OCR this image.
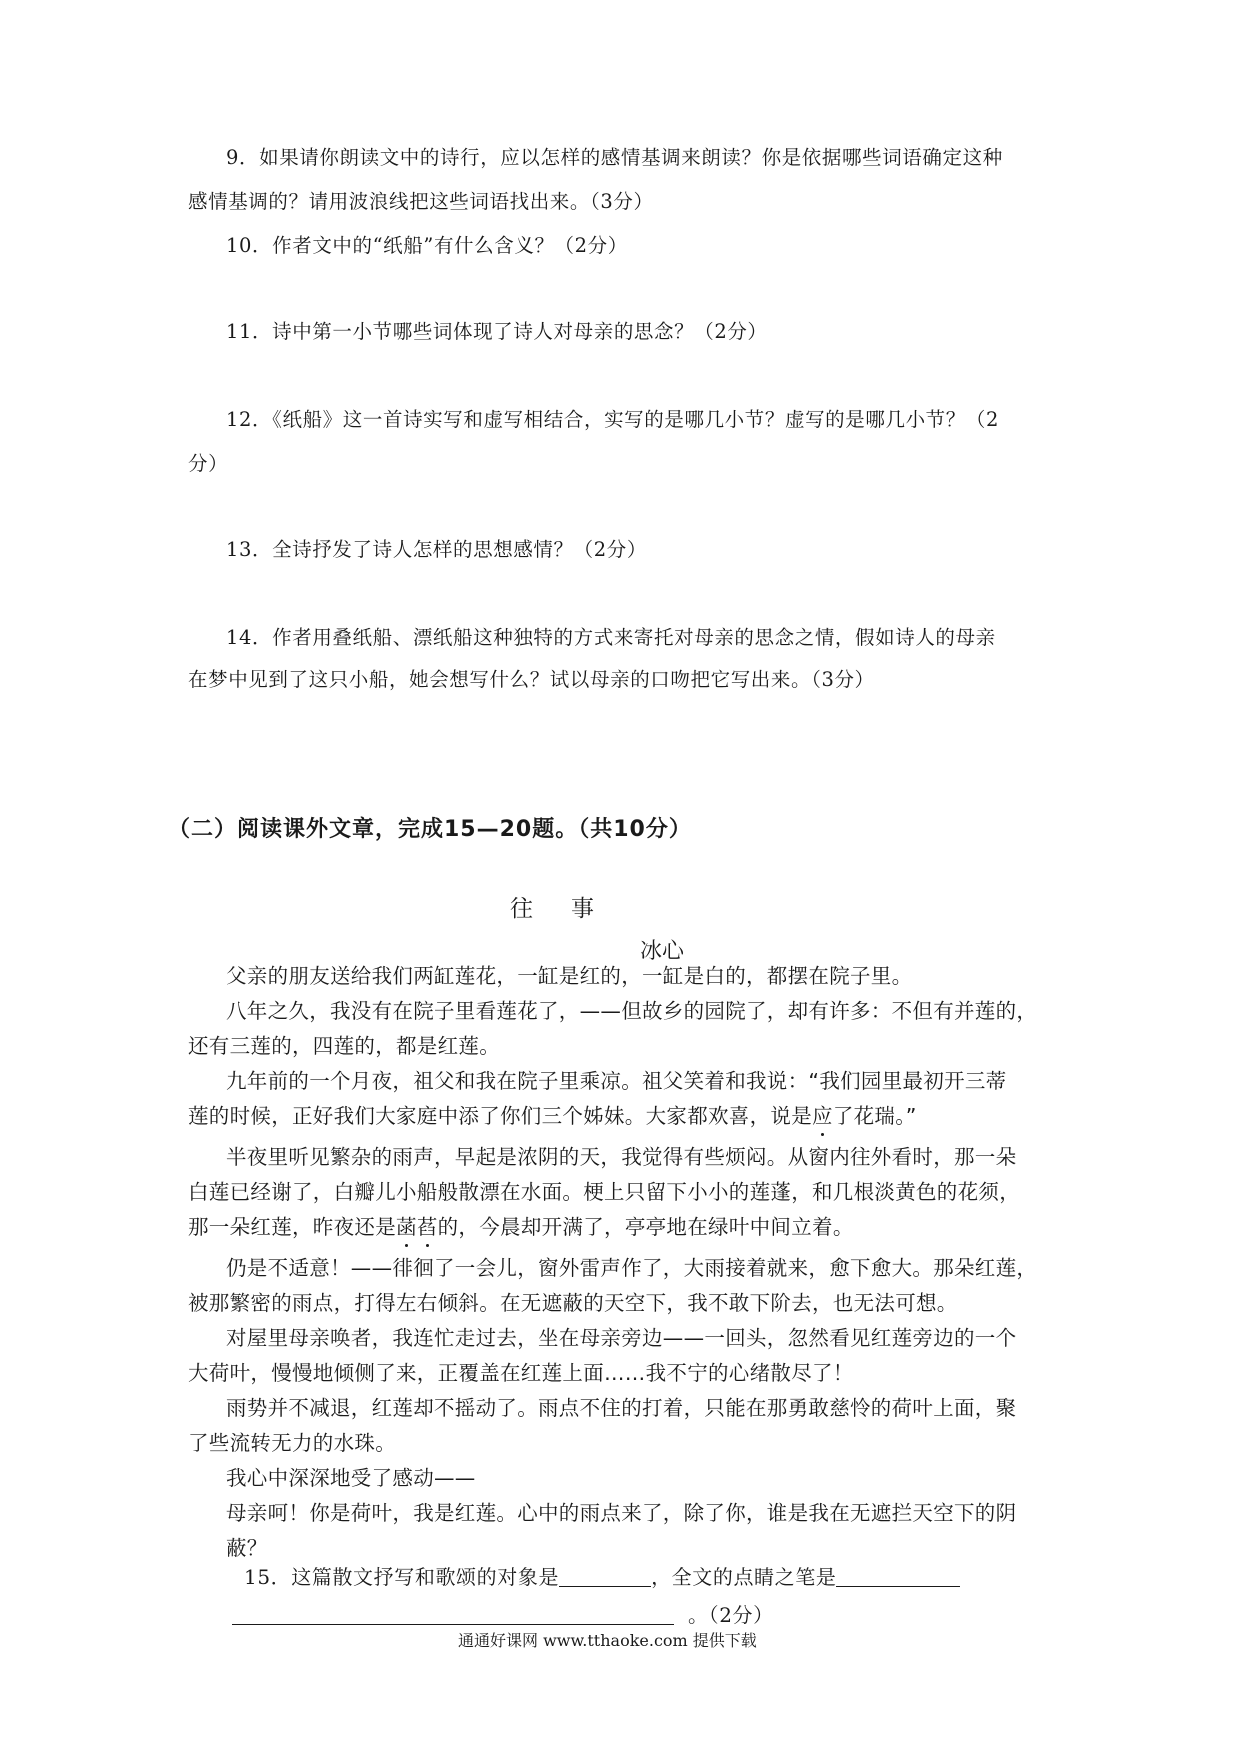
9．如果请你朗读文中的诗行，应以怎样的感情基调来朗读？你是依据哪些词语确定这种
感情基调的？请用波浪线把这些词语找出来。（3分）
10．作者文中的“纸船”有什么含义？（2分）
11．诗中第一小节哪些词体现了诗人对母亲的思念？（2分）
12．《纸船》这一首诗实写和虚写相结合，实写的是哪几小节？虚写的是哪几小节？（2
分）
13．全诗抒发了诗人怎样的思想感情？（2分）
14．作者用叠纸船、漂纸船这种独特的方式来寄托对母亲的思念之情，假如诗人的母亲
在梦中见到了这只小船，她会想写什么？试以母亲的口吻把它写出来。（3分）
（二）阅读课外文章，完成15—20题。（共10分）
往事
冰心
父亲的朋友送给我们两缸莲花，一缸是红的，一缸是白的，都摆在院子里。
八年之久，我没有在院子里看莲花了，——但故乡的园院了，却有许多：不但有并莲的，
还有三莲的，四莲的，都是红莲。
九年前的一个月夜，祖父和我在院子里乘凉。祖父笑着和我说：“我们园里最初开三蒂
莲的时候，正好我们大家庭中添了你们三个姊妹。大家都欢喜，说是应了花瑞。”
半夜里听见繁杂的雨声，早起是浓阴的天，我觉得有些烦闷。从窗内往外看时，那一朵
白莲已经谢了，白瓣儿小船般散漂在水面。梗上只留下小小的莲蓬，和几根淡黄色的花须，
那一朵红莲，昨夜还是菡萏的，今晨却开满了，亭亭地在绿叶中间立着。
仍是不适意！——徘徊了一会儿，窗外雷声作了，大雨接着就来，愈下愈大。那朵红莲，
被那繁密的雨点，打得左右倾斜。在无遮蔽的天空下，我不敢下阶去，也无法可想。
对屋里母亲唤者，我连忙走过去，坐在母亲旁边——一回头，忽然看见红莲旁边的一个
大荷叶，慢慢地倾侧了来，正覆盖在红莲上面……我不宁的心绪散尽了！
雨势并不减退，红莲却不摇动了。雨点不住的打着，只能在那勇敢慈怜的荷叶上面，聚
了些流转无力的水珠。
我心中深深地受了感动——
母亲呵！你是荷叶，我是红莲。心中的雨点来了，除了你，谁是我在无遮拦天空下的阴
蔽？
15．这篇散文抒写和歌颂的对象是	，全文的点睛之笔是
。（2分）
通通好课网 www.tthaoke.com 提供下载
